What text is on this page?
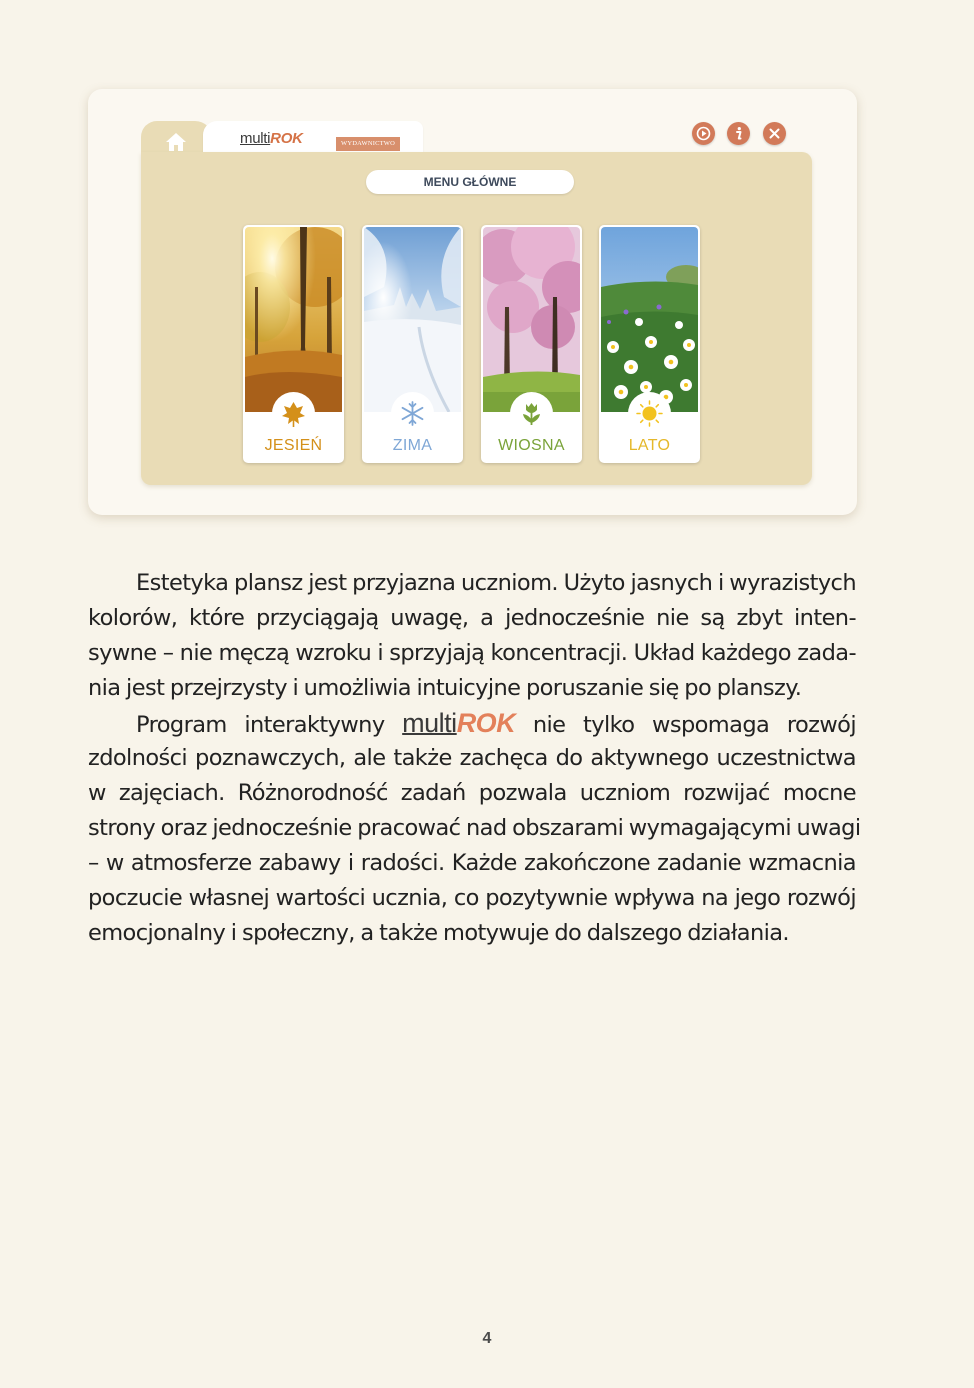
multiROK	WYDAWNICTWO
MENU GŁÓWNE
JESIEŃ	ZIMA	WIOSNA	LATO
Estetyka plansz jest przyjazna uczniom. Użyto jasnych i wyrazistych
kolorów, które przyciągają uwagę, a jednocześnie nie są zbyt inten-
sywne – nie męczą wzroku i sprzyjają koncentracji. Układ każdego zada-
nia jest przejrzysty i umożliwia intuicyjne poruszanie się po planszy.
Program interaktywny multiROK nie tylko wspomaga rozwój
zdolności poznawczych, ale także zachęca do aktywnego uczestnictwa
w zajęciach. Różnorodność zadań pozwala uczniom rozwijać mocne
strony oraz jednocześnie pracować nad obszarami wymagającymi uwagi
– w atmosferze zabawy i radości. Każde zakończone zadanie wzmacnia
poczucie własnej wartości ucznia, co pozytywnie wpływa na jego rozwój
emocjonalny i społeczny, a także motywuje do dalszego działania.
4
